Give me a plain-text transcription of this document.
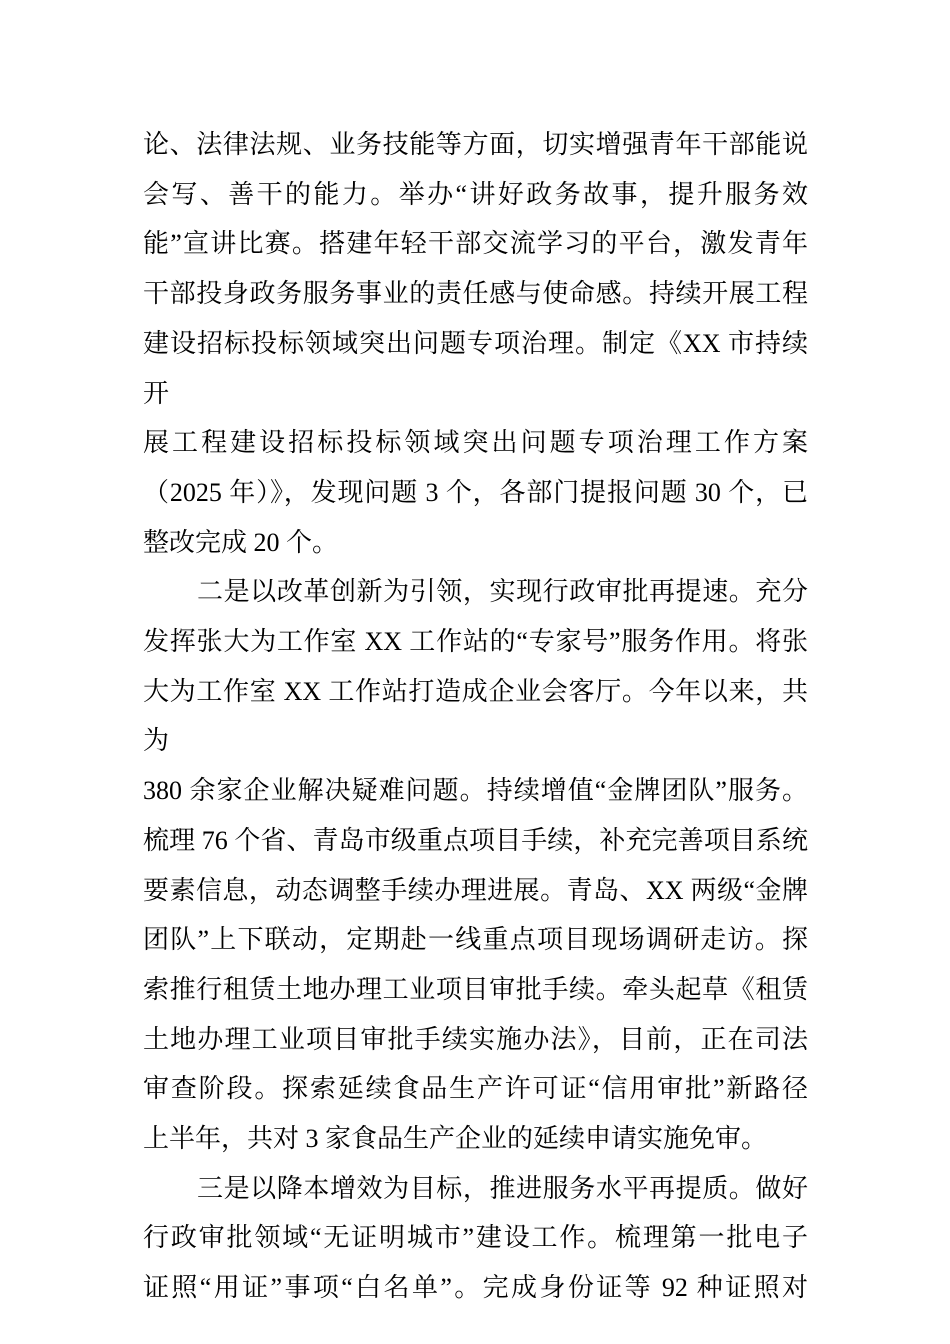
论、法律法规、业务技能等方面，切实增强青年干部能说
会写、善干的能力。举办“讲好政务故事，提升服务效
能”宣讲比赛。搭建年轻干部交流学习的平台，激发青年
干部投身政务服务事业的责任感与使命感。持续开展工程
建设招标投标领域突出问题专项治理。制定《XX 市持续开
展工程建设招标投标领域突出问题专项治理工作方案
（2025 年）》，发现问题 3 个，各部门提报问题 30 个，已
整改完成 20 个。
二是以改革创新为引领，实现行政审批再提速。充分
发挥张大为工作室 XX 工作站的“专家号”服务作用。将张
大为工作室 XX 工作站打造成企业会客厅。今年以来，共为
380 余家企业解决疑难问题。持续增值“金牌团队”服务。
梳理 76 个省、青岛市级重点项目手续，补充完善项目系统
要素信息，动态调整手续办理进展。青岛、XX 两级“金牌
团队”上下联动，定期赴一线重点项目现场调研走访。探
索推行租赁土地办理工业项目审批手续。牵头起草《租赁
土地办理工业项目审批手续实施办法》，目前，正在司法
审查阶段。探索延续食品生产许可证“信用审批”新路径
上半年，共对 3 家食品生产企业的延续申请实施免审。
三是以降本增效为目标，推进服务水平再提质。做好
行政审批领域“无证明城市”建设工作。梳理第一批电子
证照“用证”事项“白名单”。完成身份证等 92 种证照对
